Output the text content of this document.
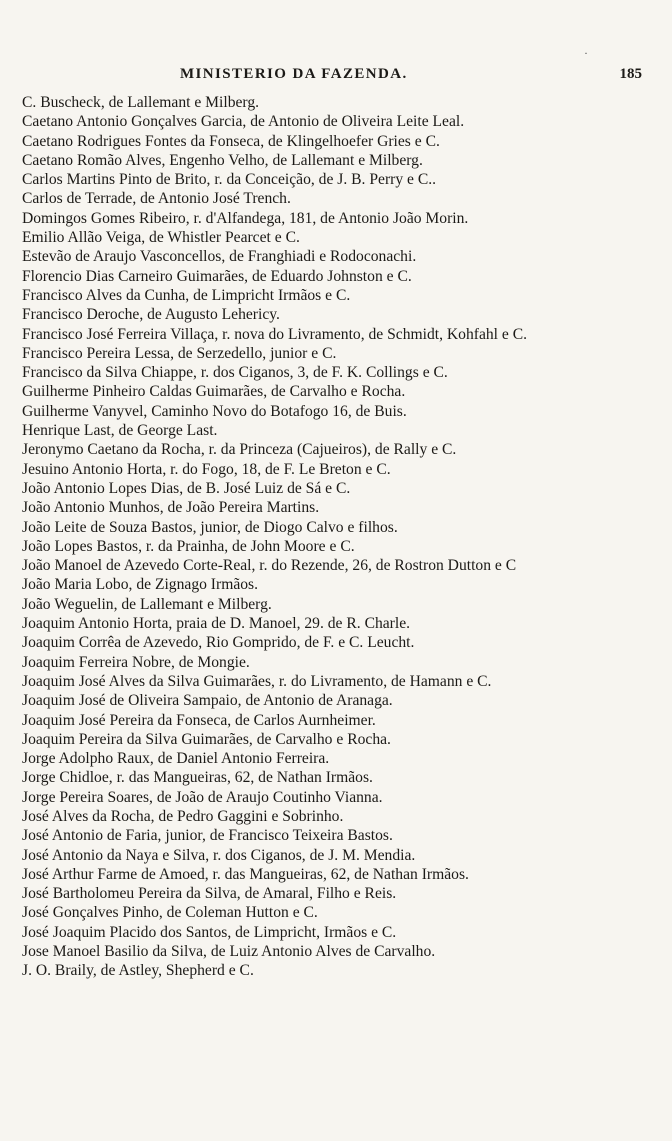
MINISTERIO DA FAZENDA.	185
·
C. Buscheck, de Lallemant e Milberg.
Caetano Antonio Gonçalves Garcia, de Antonio de Oliveira Leite Leal.
Caetano Rodrigues Fontes da Fonseca, de Klingelhoefer Gries e C.
Caetano Romão Alves, Engenho Velho, de Lallemant e Milberg.
Carlos Martins Pinto de Brito, r. da Conceição, de J. B. Perry e C..
Carlos de Terrade, de Antonio José Trench.
Domingos Gomes Ribeiro, r. d'Alfandega, 181, de Antonio João Morin.
Emilio Allão Veiga, de Whistler Pearcet e C.
Estevão de Araujo Vasconcellos, de Franghiadi e Rodoconachi.
Florencio Dias Carneiro Guimarães, de Eduardo Johnston e C.
Francisco Alves da Cunha, de Limpricht Irmãos e C.
Francisco Deroche, de Augusto Lehericy.
Francisco José Ferreira Villaça, r. nova do Livramento, de Schmidt, Kohfahl e C.
Francisco Pereira Lessa, de Serzedello, junior e C.
Francisco da Silva Chiappe, r. dos Ciganos, 3, de F. K. Collings e C.
Guilherme Pinheiro Caldas Guimarães, de Carvalho e Rocha.
Guilherme Vanyvel, Caminho Novo do Botafogo 16, de Buis.
Henrique Last, de George Last.
Jeronymo Caetano da Rocha, r. da Princeza (Cajueiros), de Rally e C.
Jesuino Antonio Horta, r. do Fogo, 18, de F. Le Breton e C.
João Antonio Lopes Dias, de B. José Luiz de Sá e C.
João Antonio Munhos, de João Pereira Martins.
João Leite de Souza Bastos, junior, de Diogo Calvo e filhos.
João Lopes Bastos, r. da Prainha, de John Moore e C.
João Manoel de Azevedo Corte-Real, r. do Rezende, 26, de Rostron Dutton e C
João Maria Lobo, de Zignago Irmãos.
João Weguelin, de Lallemant e Milberg.
Joaquim Antonio Horta, praia de D. Manoel, 29. de R. Charle.
Joaquim Corrêa de Azevedo, Rio Gomprido, de F. e C. Leucht.
Joaquim Ferreira Nobre, de Mongie.
Joaquim José Alves da Silva Guimarães, r. do Livramento, de Hamann e C.
Joaquim José de Oliveira Sampaio, de Antonio de Aranaga.
Joaquim José Pereira da Fonseca, de Carlos Aurnheimer.
Joaquim Pereira da Silva Guimarães, de Carvalho e Rocha.
Jorge Adolpho Raux, de Daniel Antonio Ferreira.
Jorge Chidloe, r. das Mangueiras, 62, de Nathan Irmãos.
Jorge Pereira Soares, de João de Araujo Coutinho Vianna.
José Alves da Rocha, de Pedro Gaggini e Sobrinho.
José Antonio de Faria, junior, de Francisco Teixeira Bastos.
José Antonio da Naya e Silva, r. dos Ciganos, de J. M. Mendia.
José Arthur Farme de Amoed, r. das Mangueiras, 62, de Nathan Irmãos.
José Bartholomeu Pereira da Silva, de Amaral, Filho e Reis.
José Gonçalves Pinho, de Coleman Hutton e C.
José Joaquim Placido dos Santos, de Limpricht, Irmãos e C.
Jose Manoel Basilio da Silva, de Luiz Antonio Alves de Carvalho.
J. O. Braily, de Astley, Shepherd e C.
